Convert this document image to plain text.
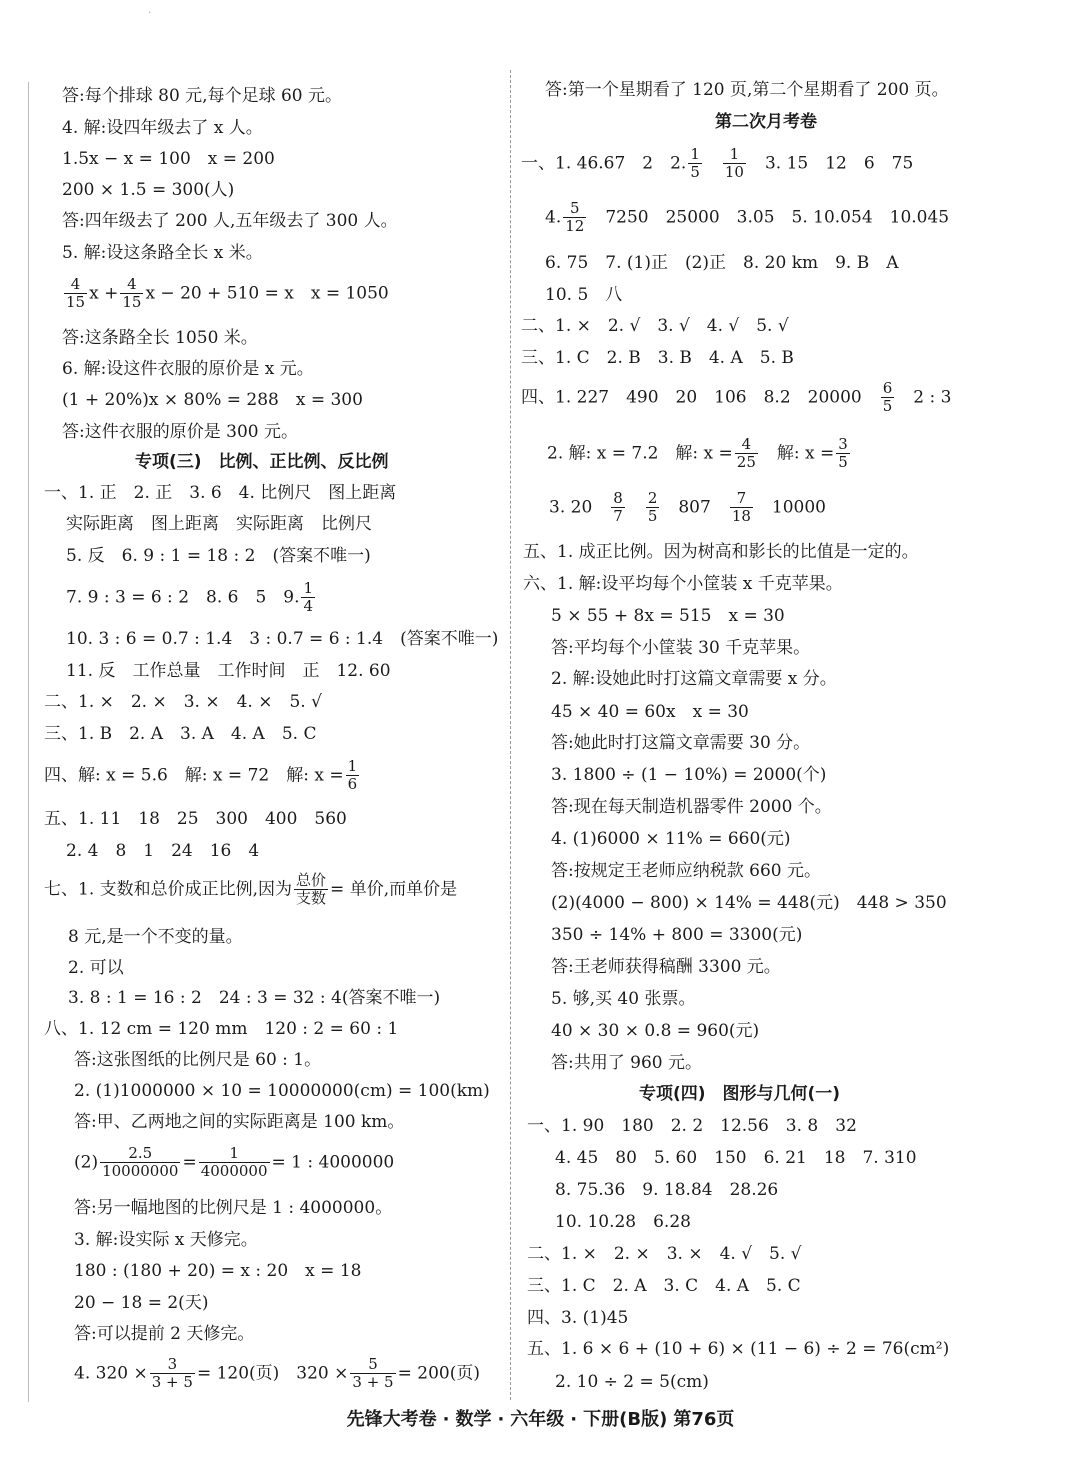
·
答:每个排球 80 元,每个足球 60 元。
4. 解:设四年级去了 x 人。
1.5x − x = 100　x = 200
200 × 1.5 = 300(人)
答:四年级去了 200 人,五年级去了 300 人。
5. 解:设这条路全长 x 米。
$\frac{4}{15}$ $x + \frac{4}{15}$ x − 20 + 510 = x　x = 1050
答:这条路全长 1050 米。
6. 解:设这件衣服的原价是 x 元。
(1 + 20%)x × 80% = 288　x = 300
答:这件衣服的原价是 300 元。
专项(三)　比例、正比例、反比例
一、1. 正　2. 正　3. 6　4. 比例尺　图上距离
实际距离　图上距离　实际距离　比例尺
5. 反　6. 9 : 1 = 18 : 2　(答案不唯一)
7. 9 : 3 = 6 : 2　8. 6　5　9. $\frac{1}{4}$
10. 3 : 6 = 0.7 : 1.4　3 : 0.7 = 6 : 1.4　(答案不唯一)
11. 反　工作总量　工作时间　正　12. 60
二、1. ×　2. ×　3. ×　4. ×　5. √
三、1. B　2. A　3. A　4. A　5. C
四、解: x = 5.6　解: x = 72　解: $x = \frac{1}{6}$
五、1. 11　18　25　300　400　560
2. 4　8　1　24　16　4
七、1. 支数和总价成正比例,因为 $\frac{\text{总价}}{\text{支数}}$ = 单价,而单价是
8 元,是一个不变的量。
2. 可以
3. 8 : 1 = 16 : 2　24 : 3 = 32 : 4(答案不唯一)
八、1. 12 cm = 120 mm　120 : 2 = 60 : 1
答:这张图纸的比例尺是 60 : 1。
2. (1)1000000 × 10 = 10000000(cm) = 100(km)
答:甲、乙两地之间的实际距离是 100 km。
$(2) \frac{2.5}{10000000} = \frac{1}{4000000} = 1$ : 4000000
答:另一幅地图的比例尺是 1 : 4000000。
3. 解:设实际 x 天修完。
180 : (180 + 20) = x : 20　x = 18
20 − 18 = 2(天)
答:可以提前 2 天修完。
4. $320 \times \frac{3}{3 + 5} = 120$(页)　$320 \times \frac{5}{3 + 5} = 200$(页)
答:第一个星期看了 120 页,第二个星期看了 200 页。
第二次月考卷
一、1. 46.67　2　2. $\frac{1}{5}$
　 $\frac{1}{10}$
　 3. 15　12　6　75
4. $\frac{5}{12}$
　 7250　25000　3.05　5. 10.054　10.045
6. 75　7. (1)正　(2)正　8. 20 km　9. B　A
10. 5　八
二、1. ×　2. √　3. √　4. √　5. √
三、1. C　2. B　3. B　4. A　5. B
四、1. 227　490　20　106　8.2　20000　 $\frac{6}{5}$
　 2 : 3
2. 解: x = 7.2　解: $x = \frac{4}{25}$
　 解: $x = \frac{3}{5}$
3. 20　 $\frac{8}{7}$
　 $\frac{2}{5}$
　 807　 $\frac{7}{18}$
　 10000
五、1. 成正比例。因为树高和影长的比值是一定的。
六、1. 解:设平均每个小筐装 x 千克苹果。
5 × 55 + 8x = 515　x = 30
答:平均每个小筐装 30 千克苹果。
2. 解:设她此时打这篇文章需要 x 分。
45 × 40 = 60x　x = 30
答:她此时打这篇文章需要 30 分。
3. 1800 ÷ (1 − 10%) = 2000(个)
答:现在每天制造机器零件 2000 个。
4. (1)6000 × 11% = 660(元)
答:按规定王老师应纳税款 660 元。
(2)(4000 − 800) × 14% = 448(元)　448 > 350
350 ÷ 14% + 800 = 3300(元)
答:王老师获得稿酬 3300 元。
5. 够,买 40 张票。
40 × 30 × 0.8 = 960(元)
答:共用了 960 元。
专项(四)　图形与几何(一)
一、1. 90　180　2. 2　12.56　3. 8　32
4. 45　80　5. 60　150　6. 21　18　7. 310
8. 75.36　9. 18.84　28.26
10. 10.28　6.28
二、1. ×　2. ×　3. ×　4. √　5. √
三、1. C　2. A　3. C　4. A　5. C
四、3. (1)45
五、1. 6 × 6 + (10 + 6) × (11 − 6) ÷ 2 = 76(cm²)
2. 10 ÷ 2 = 5(cm)
先锋大考卷 · 数学 · 六年级 · 下册(B版) 第76页
